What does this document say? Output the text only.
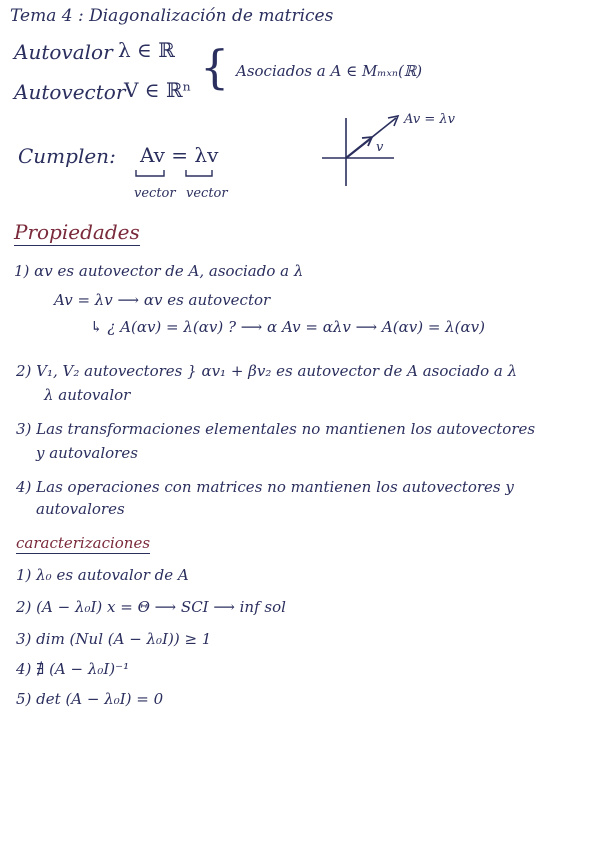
Tema 4 : Diagonalización de matrices
Autovalor λ ∈ ℝ
Autovector
V ∈ ℝⁿ { Asociados a A ∈ Mₘₓₙ(ℝ)
Cumplen: Av = λv
vector vector
Av = λv
v
Propiedades
1) αv es autovector de A, asociado a λ
Av = λv ⟶ αv es autovector
↳ ¿ A(αv) = λ(αv) ? ⟶ α Av = αλv ⟶ A(αv) = λ(αv)
2) V₁, V₂ autovectores } αv₁ + βv₂ es autovector de A asociado a λ
λ autovalor
3) Las transformaciones elementales no mantienen los autovectores
y autovalores
4) Las operaciones con matrices no mantienen los autovectores y
autovalores
caracterizaciones
1) λ₀ es autovalor de A
2) (A − λ₀I) x = Θ ⟶ SCI ⟶ inf sol
3) dim (Nul (A − λ₀I)) ≥ 1
4) ∄ (A − λ₀I)⁻¹
5) det (A − λ₀I) = 0
